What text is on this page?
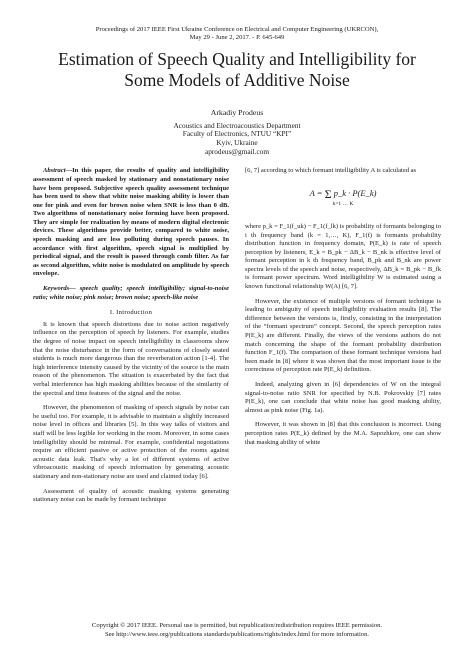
Proceedings of 2017 IEEE First Ukraine Conference on Electrical and Computer Engineering (UKRCON),
May 29 - June 2, 2017. - P. 645-649
Estimation of Speech Quality and Intelligibility for
Some Models of Additive Noise
Arkadiy Prodeus
Acoustics and Electroacoustics Department
Faculty of Electronics, NTUU “KPI”
Kyiv, Ukraine
aprodeus@gmail.com

Abstract—In this paper, the results of quality and intelligibility assessment of speech masked by stationary and nonstationary noise have been proposed. Subjective speech quality assessment technique has been used to show that white noise masking ability is lower than one for pink and even for brown noise when SNR is less than 0 dB. Two algorithms of nonstationary noise forming have been proposed. They are simple for realization by means of modern digital electronic devices. These algorithms provide better, compared to white noise, speech masking and are less polluting during speech pauses. In accordance with first algorithm, speech signal is multiplied by periodical signal, and the result is passed through comb filter. As far as second algorithm, white noise is modulated on amplitude by speech envelope.

Keywords— speech quality; speech intelligibility; signal-to-noise ratio; white noise; pink noise; brown noise; speech-like noise

I. Introduction

It is known that speech distortions due to noise action negatively influence on the perception of speech by listeners. For example, studies the degree of noise impact on speech intelligibility in classrooms show that the noise disturbance in the form of conversations of closely seated students is much more dangerous than the reverberation action [1-4]. The high interference intensity caused by the vicinity of the source is the main reason of the phenomenon. The situation is exacerbated by the fact that verbal interference has high masking abilities because of the similarity of the spectral and time features of the signal and the noise.

However, the phenomenon of masking of speech signals by noise can be useful too. For example, it is advisable to maintain a slightly increased noise level in offices and libraries [5]. In this way talks of visitors and staff will be less legible for working in the room. Moreover, in some cases intelligibility should be minimal. For example, confidential negotiations require an efficient passive or active protection of the rooms against acoustic data leak. That's why a lot of different systems of active vibroacoustic masking of speech information by generating acoustic stationary and non-stationary noise are used and claimed today [6].

Assessment of quality of acoustic masking systems generating stationary noise can be made by formant technique

[6, 7] according to which formant intelligibility A is calculated as

A = Σ p_k · P(E_k)
k=1 … K

where p_k = F_1(f_uk) − F_1(f_lk) is probability of formants belonging to i th frequency band (k = 1,…, K), F_1(f) is formants probability distribution function in frequency domain, P(E_k) is rate of speech perception by listeners, E_k = B_pk − ΔB_k − B_nk is effective level of formant perception in k th frequency band, B_pk and B_nk are power spectra levels of the speech and noise, respectively, ΔB_k = B_pk − B_fk is formant power spectrum. Word intelligibility W is estimated using a known functional relationship W(A) [6, 7].

However, the existence of multiple versions of formant technique is leading to ambiguity of speech intelligibility evaluation results [8]. The difference between the versions is, firstly, consisting in the interpretation of the “formant spectrum” concept. Second, the speech perception rates P(E_k) are different. Finally, the views of the versions authors do not match concerning the shape of the formant probability distribution function F_1(f). The comparison of these formant technique versions had been made in [8] where it was shown that the most important issue is the correctness of perception rate P(E_k) definition.

Indeed, analyzing given in [6] dependencies of W on the integral signal-to-noise ratio SNR for specified by N.B. Pokrovskiy [7] rates P(E_k), one can conclude that white noise has good masking ability, almost as pink noise (Fig. 1a).

However, it was shown in [8] that this conclusion is incorrect. Using perception rates P(E_k) defined by the M.A. Sapozhkov, one can show that masking ability of white

Copyright © 2017 IEEE. Personal use is permitted, but republication/redistribution requires IEEE permission.
See http://www.ieee.org/publications standards/publications/rights/index.html for more information.
